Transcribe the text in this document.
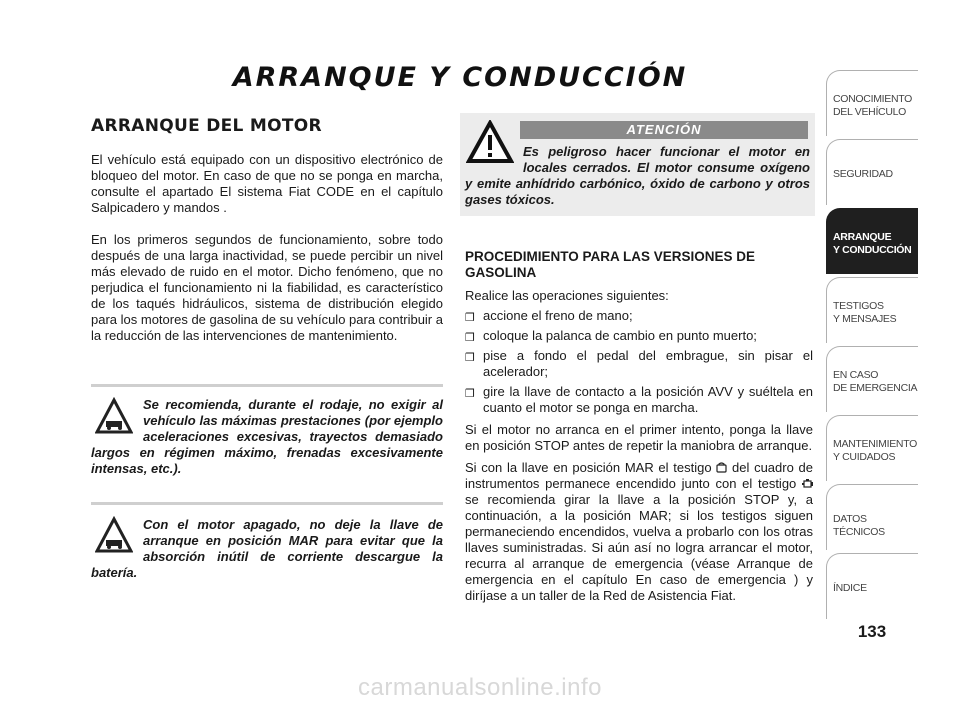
ARRANQUE Y CONDUCCIÓN
ARRANQUE DEL MOTOR

El vehículo está equipado con un dispositivo electrónico de bloqueo del motor. En caso de que no se ponga en marcha, consulte el apartado El sistema Fiat CODE en el capítulo Salpicadero y mandos .

En los primeros segundos de funcionamiento, sobre todo después de una larga inactividad, se puede percibir un nivel más elevado de ruido en el motor. Dicho fenómeno, que no perjudica el funcionamiento ni la fiabilidad, es característico de los taqués hidráulicos, sistema de distribución elegido para los motores de gasolina de su vehículo para contribuir a la reducción de las intervenciones de mantenimiento.

Se recomienda, durante el rodaje, no exigir al vehículo las máximas prestaciones (por ejemplo aceleraciones excesivas, trayectos demasiado largos en régimen máximo, frenadas excesivamente intensas, etc.).
Con el motor apagado, no deje la llave de arranque en posición MAR para evitar que la absorción inútil de corriente descargue la batería.
ATENCIÓN
Es peligroso hacer funcionar el motor en locales cerrados. El motor consume oxígeno y emite anhídrido carbónico, óxido de carbono y otros gases tóxicos.
PROCEDIMIENTO PARA LAS VERSIONES DE GASOLINA

Realice las operaciones siguientes:

❒ accione el freno de mano;
❒ coloque la palanca de cambio en punto muerto;
❒ pise a fondo el pedal del embrague, sin pisar el acelerador;
❒ gire la llave de contacto a la posición AVV y suéltela en cuanto el motor se ponga en marcha.

Si el motor no arranca en el primer intento, ponga la llave en posición STOP antes de repetir la maniobra de arranque.

Si con la llave en posición MAR el testigo del cuadro de instrumentos permanece encendido junto con el testigo  se recomienda girar la llave a la posición STOP y, a continuación, a la posición MAR; si los testigos siguen permaneciendo encendidos, vuelva a probarlo con los otras llaves suministradas. Si aún así no logra arrancar el motor, recurra al arranque de emergencia (véase Arranque de emergencia en el capítulo En caso de emergencia ) y diríjase a un taller de la Red de Asistencia Fiat.

CONOCIMIENTO
DEL VEHÍCULO
SEGURIDAD
ARRANQUE
Y CONDUCCIÓN
TESTIGOS
Y MENSAJES
EN CASO
DE EMERGENCIA
MANTENIMIENTO
Y CUIDADOS
DATOS TÉCNICOS
ÍNDICE
133
carmanualsonline.info
